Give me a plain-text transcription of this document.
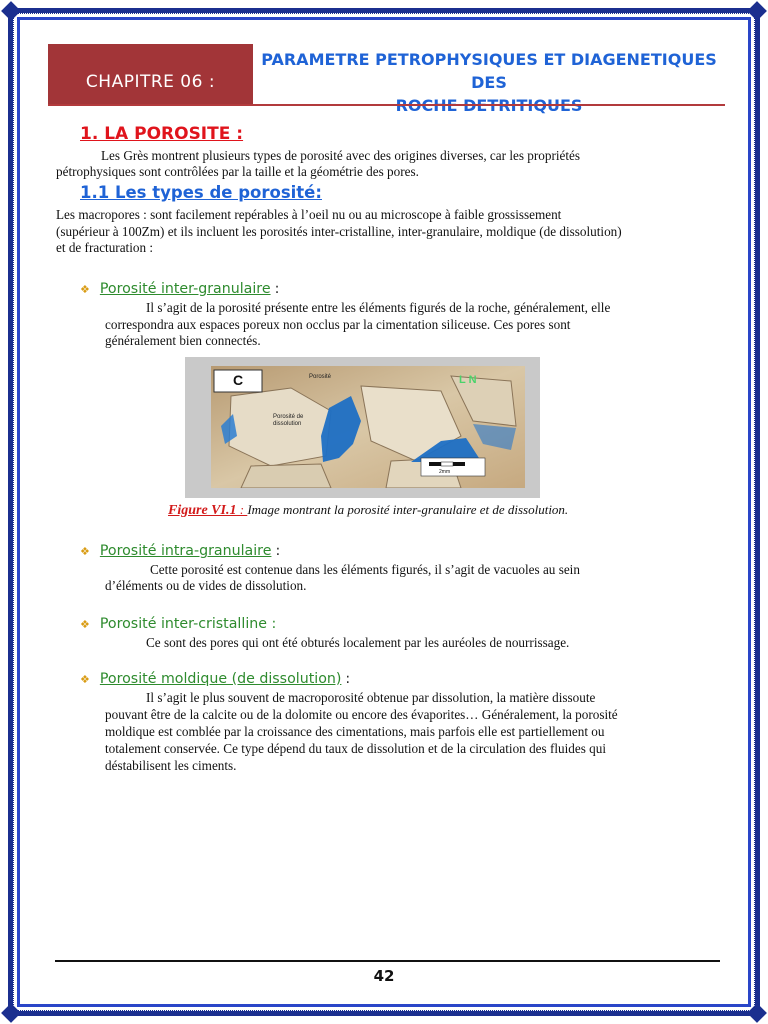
CHAPITRE 06 :
PARAMETRE PETROPHYSIQUES ET DIAGENETIQUES DES
1. LA POROSITE :
Les Grès montrent plusieurs types de porosité avec des origines diverses, car les propriétés
pétrophysiques sont contrôlées par la taille et la géométrie des pores.
1.1 Les types de porosité:
Les macropores : sont facilement repérables à l’oeil nu ou au microscope à faible grossissement
(supérieur à 100Zm) et ils incluent les porosités inter-cristalline, inter-granulaire, moldique (de dissolution)
et de fracturation :
❖ Porosité inter-granulaire :
Il s’agit de la porosité présente entre les éléments figurés de la roche, généralement, elle
correspondra aux espaces poreux non occlus par la cimentation siliceuse. Ces pores sont
généralement bien connectés.
C	L N
Porosité
Porosité de dissolution
2mm
Figure VI.1 : Image montrant la porosité inter-granulaire et de dissolution.
❖ Porosité intra-granulaire :
Cette porosité est contenue dans les éléments figurés, il s’agit de vacuoles au sein
d’éléments ou de vides de dissolution.
❖ Porosité inter-cristalline :
Ce sont des pores qui ont été obturés localement par les auréoles de nourrissage.
❖ Porosité moldique (de dissolution) :
Il s’agit le plus souvent de macroporosité obtenue par dissolution, la matière dissoute
pouvant être de la calcite ou de la dolomite ou encore des évaporites… Généralement, la porosité
moldique est comblée par la croissance des cimentations, mais parfois elle est partiellement ou
totalement conservée. Ce type dépend du taux de dissolution et de la circulation des fluides qui
déstabilisent les ciments.
42
